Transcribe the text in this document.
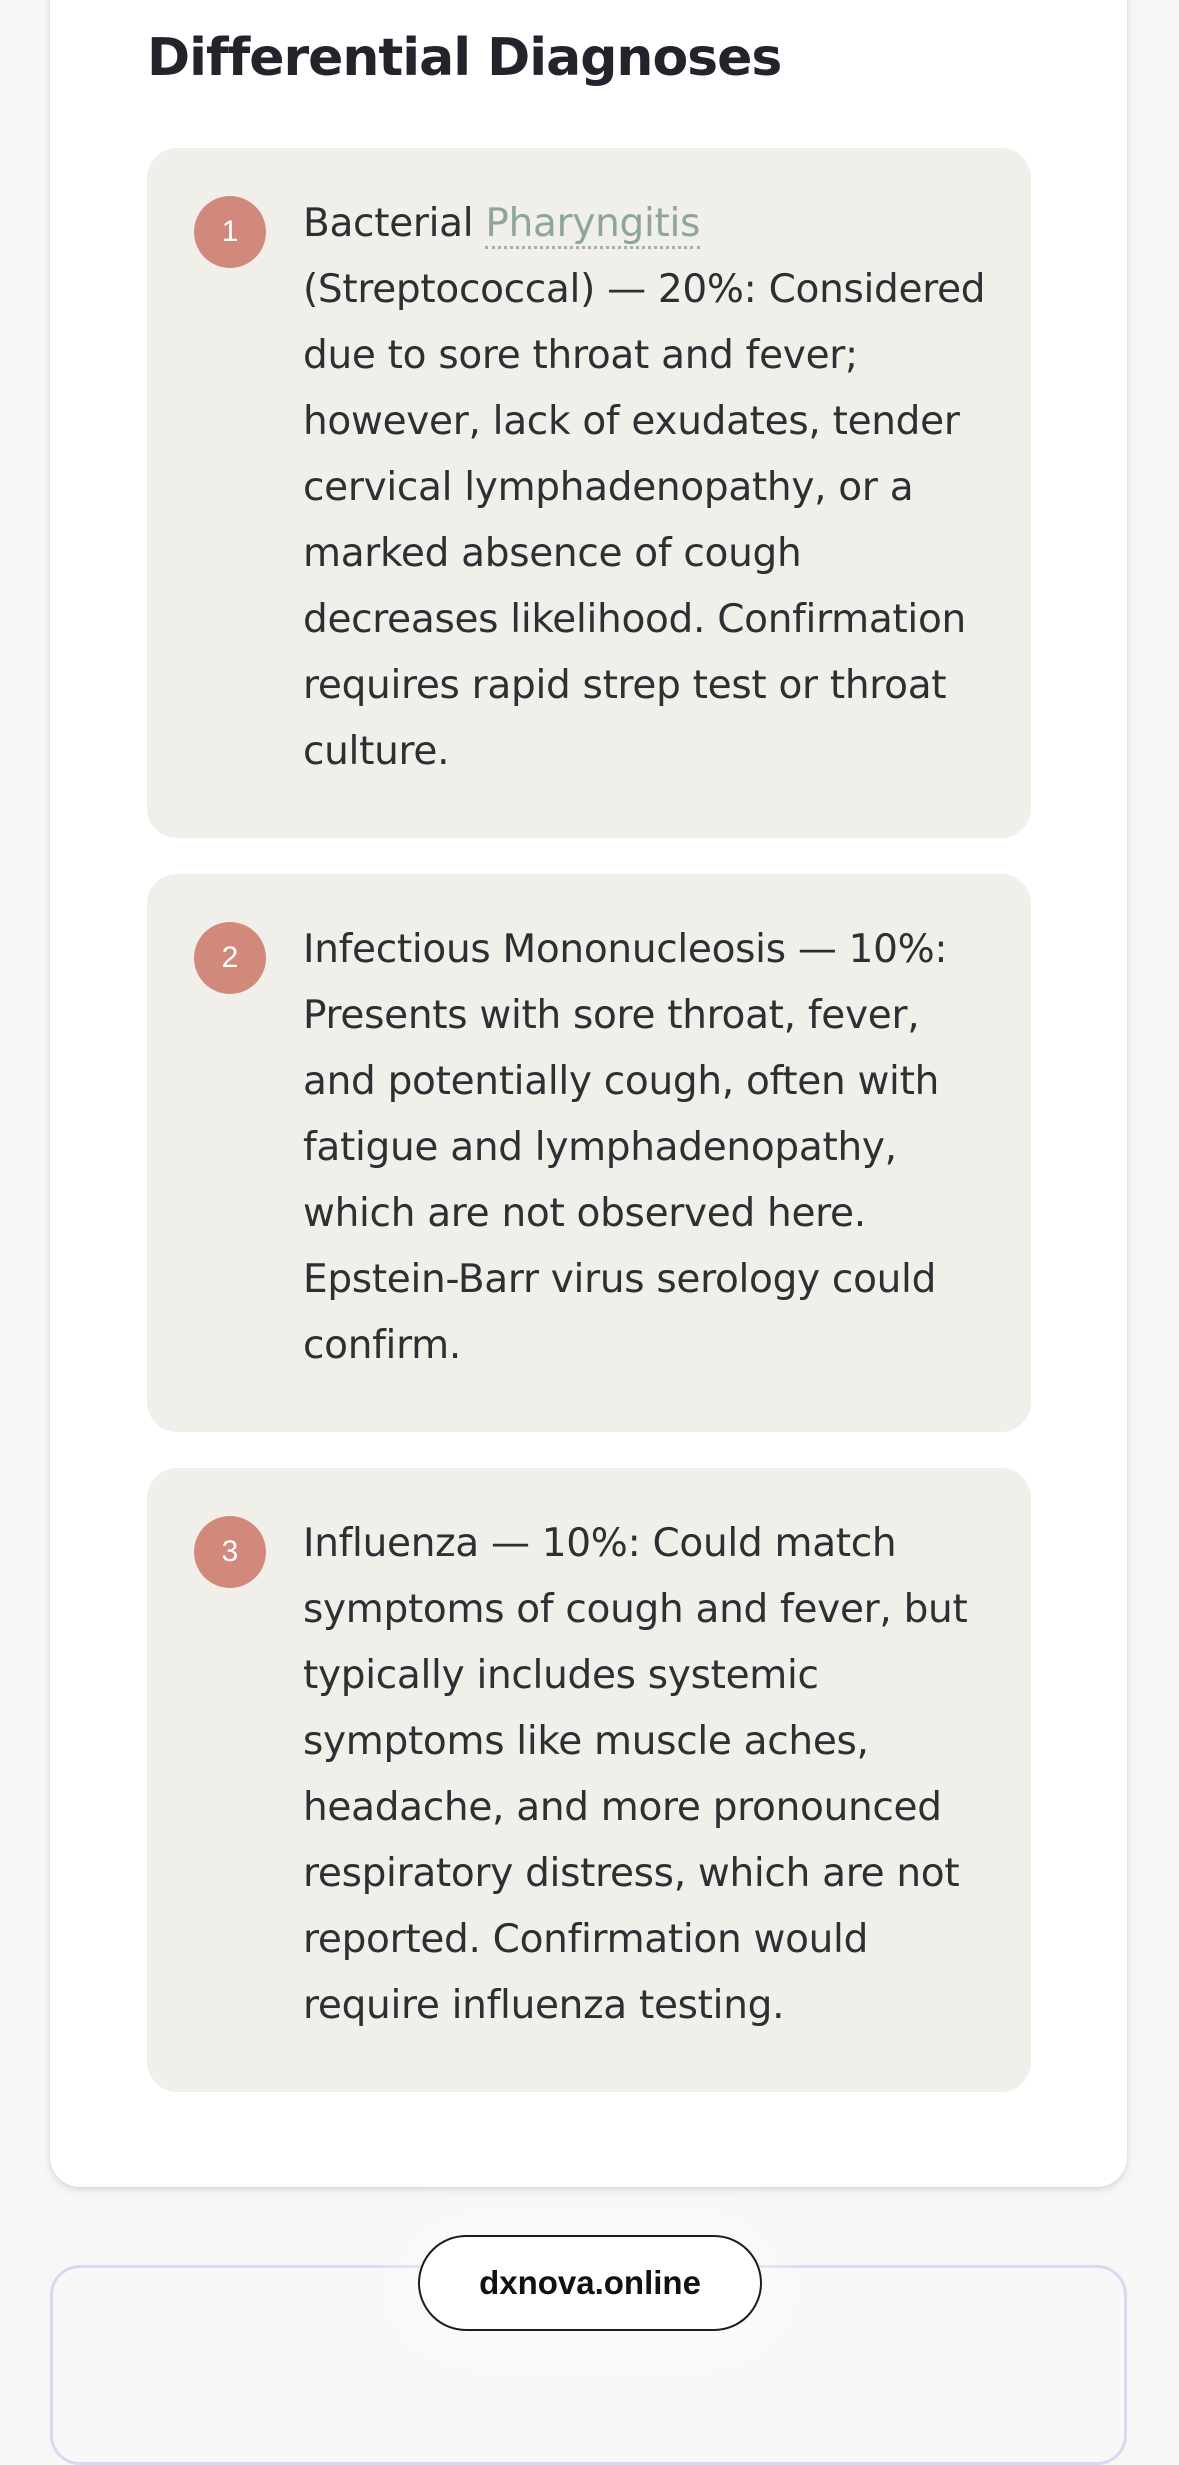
Differential Diagnoses
1	Bacterial Pharyngitis (Streptococcal) — 20%: Considered due to sore throat and fever; however, lack of exudates, tender cervical lymphadenopathy, or a marked absence of cough decreases likelihood. Confirmation requires rapid strep test or throat culture.
2	Infectious Mononucleosis — 10%: Presents with sore throat, fever, and potentially cough, often with fatigue and lymphadenopathy, which are not observed here. Epstein-Barr virus serology could confirm.
3	Influenza — 10%: Could match symptoms of cough and fever, but typically includes systemic symptoms like muscle aches, headache, and more pronounced respiratory distress, which are not reported. Confirmation would require influenza testing.
dxnova.online
